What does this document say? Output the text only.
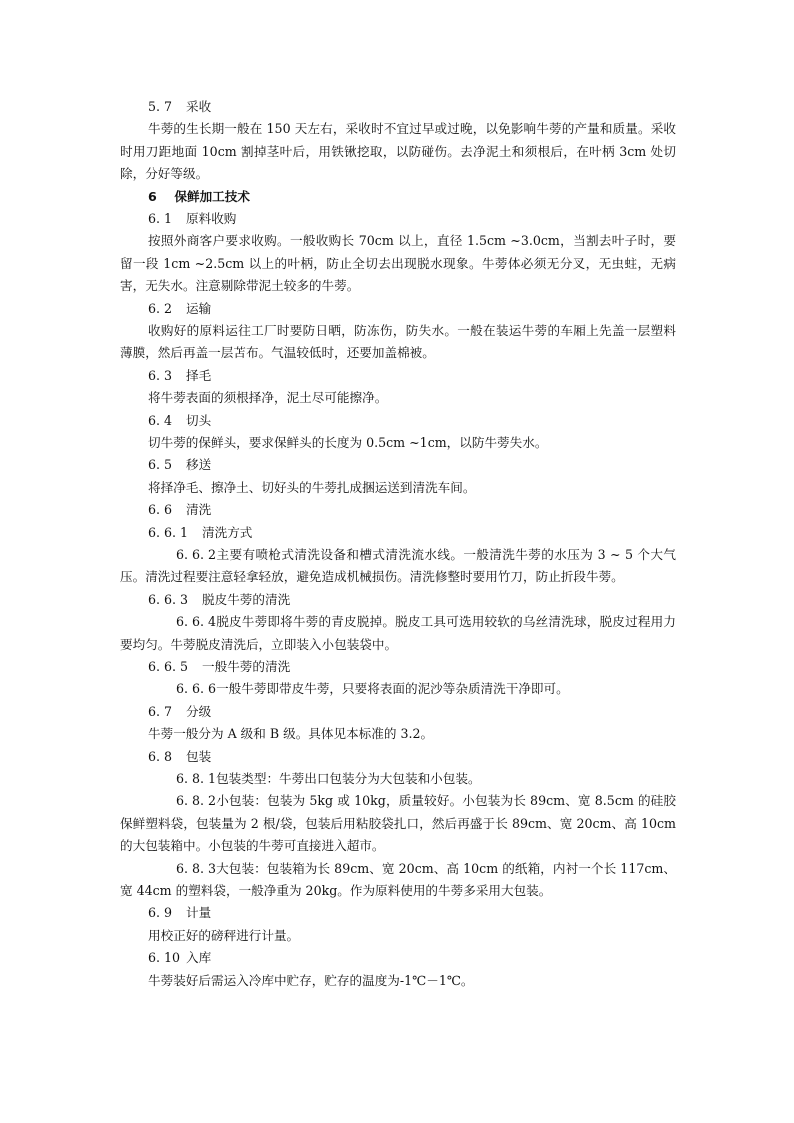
5. 7 采收
牛蒡的生长期一般在 150 天左右，采收时不宜过早或过晚，以免影响牛蒡的产量和质量。采收时用刀距地面 10cm 割掉茎叶后，用铁锹挖取，以防碰伤。去净泥土和须根后，在叶柄 3cm 处切除，分好等级。
6 保鲜加工技术
6. 1 原料收购
按照外商客户要求收购。一般收购长 70cm 以上，直径 1.5cm ~3.0cm，当割去叶子时，要留一段 1cm ~2.5cm 以上的叶柄，防止全切去出现脱水现象。牛蒡体必须无分叉，无虫蛀，无病害，无失水。注意剔除带泥土较多的牛蒡。
6. 2 运输
收购好的原料运往工厂时要防日晒，防冻伤，防失水。一般在装运牛蒡的车厢上先盖一层塑料薄膜，然后再盖一层苫布。气温较低时，还要加盖棉被。
6. 3 择毛
将牛蒡表面的须根择净，泥土尽可能擦净。
6. 4 切头
切牛蒡的保鲜头，要求保鲜头的长度为 0.5cm ~1cm，以防牛蒡失水。
6. 5 移送
将择净毛、擦净土、切好头的牛蒡扎成捆运送到清洗车间。
6. 6 清洗
6. 6. 1 清洗方式
6. 6. 2主要有喷枪式清洗设备和槽式清洗流水线。一般清洗牛蒡的水压为 3 ~ 5 个大气压。清洗过程要注意轻拿轻放，避免造成机械损伤。清洗修整时要用竹刀，防止折段牛蒡。
6. 6. 3 脱皮牛蒡的清洗
6. 6. 4脱皮牛蒡即将牛蒡的青皮脱掉。脱皮工具可选用较软的乌丝清洗球，脱皮过程用力要均匀。牛蒡脱皮清洗后，立即装入小包装袋中。
6. 6. 5 一般牛蒡的清洗
6. 6. 6一般牛蒡即带皮牛蒡，只要将表面的泥沙等杂质清洗干净即可。
6. 7 分级
牛蒡一般分为 A 级和 B 级。具体见本标准的 3.2。
6. 8 包装
6. 8. 1包装类型：牛蒡出口包装分为大包装和小包装。
6. 8. 2小包装：包装为 5kg 或 10kg，质量较好。小包装为长 89cm、宽 8.5cm 的硅胶保鲜塑料袋，包装量为 2 根/袋，包装后用粘胶袋扎口，然后再盛于长 89cm、宽 20cm、高 10cm 的大包装箱中。小包装的牛蒡可直接进入超市。
6. 8. 3大包装：包装箱为长 89cm、宽 20cm、高 10cm 的纸箱，内衬一个长 117cm、宽 44cm 的塑料袋，一般净重为 20kg。作为原料使用的牛蒡多采用大包装。
6. 9 计量
用校正好的磅秤进行计量。
6. 10 入库
牛蒡装好后需运入冷库中贮存，贮存的温度为-1℃－1℃。
